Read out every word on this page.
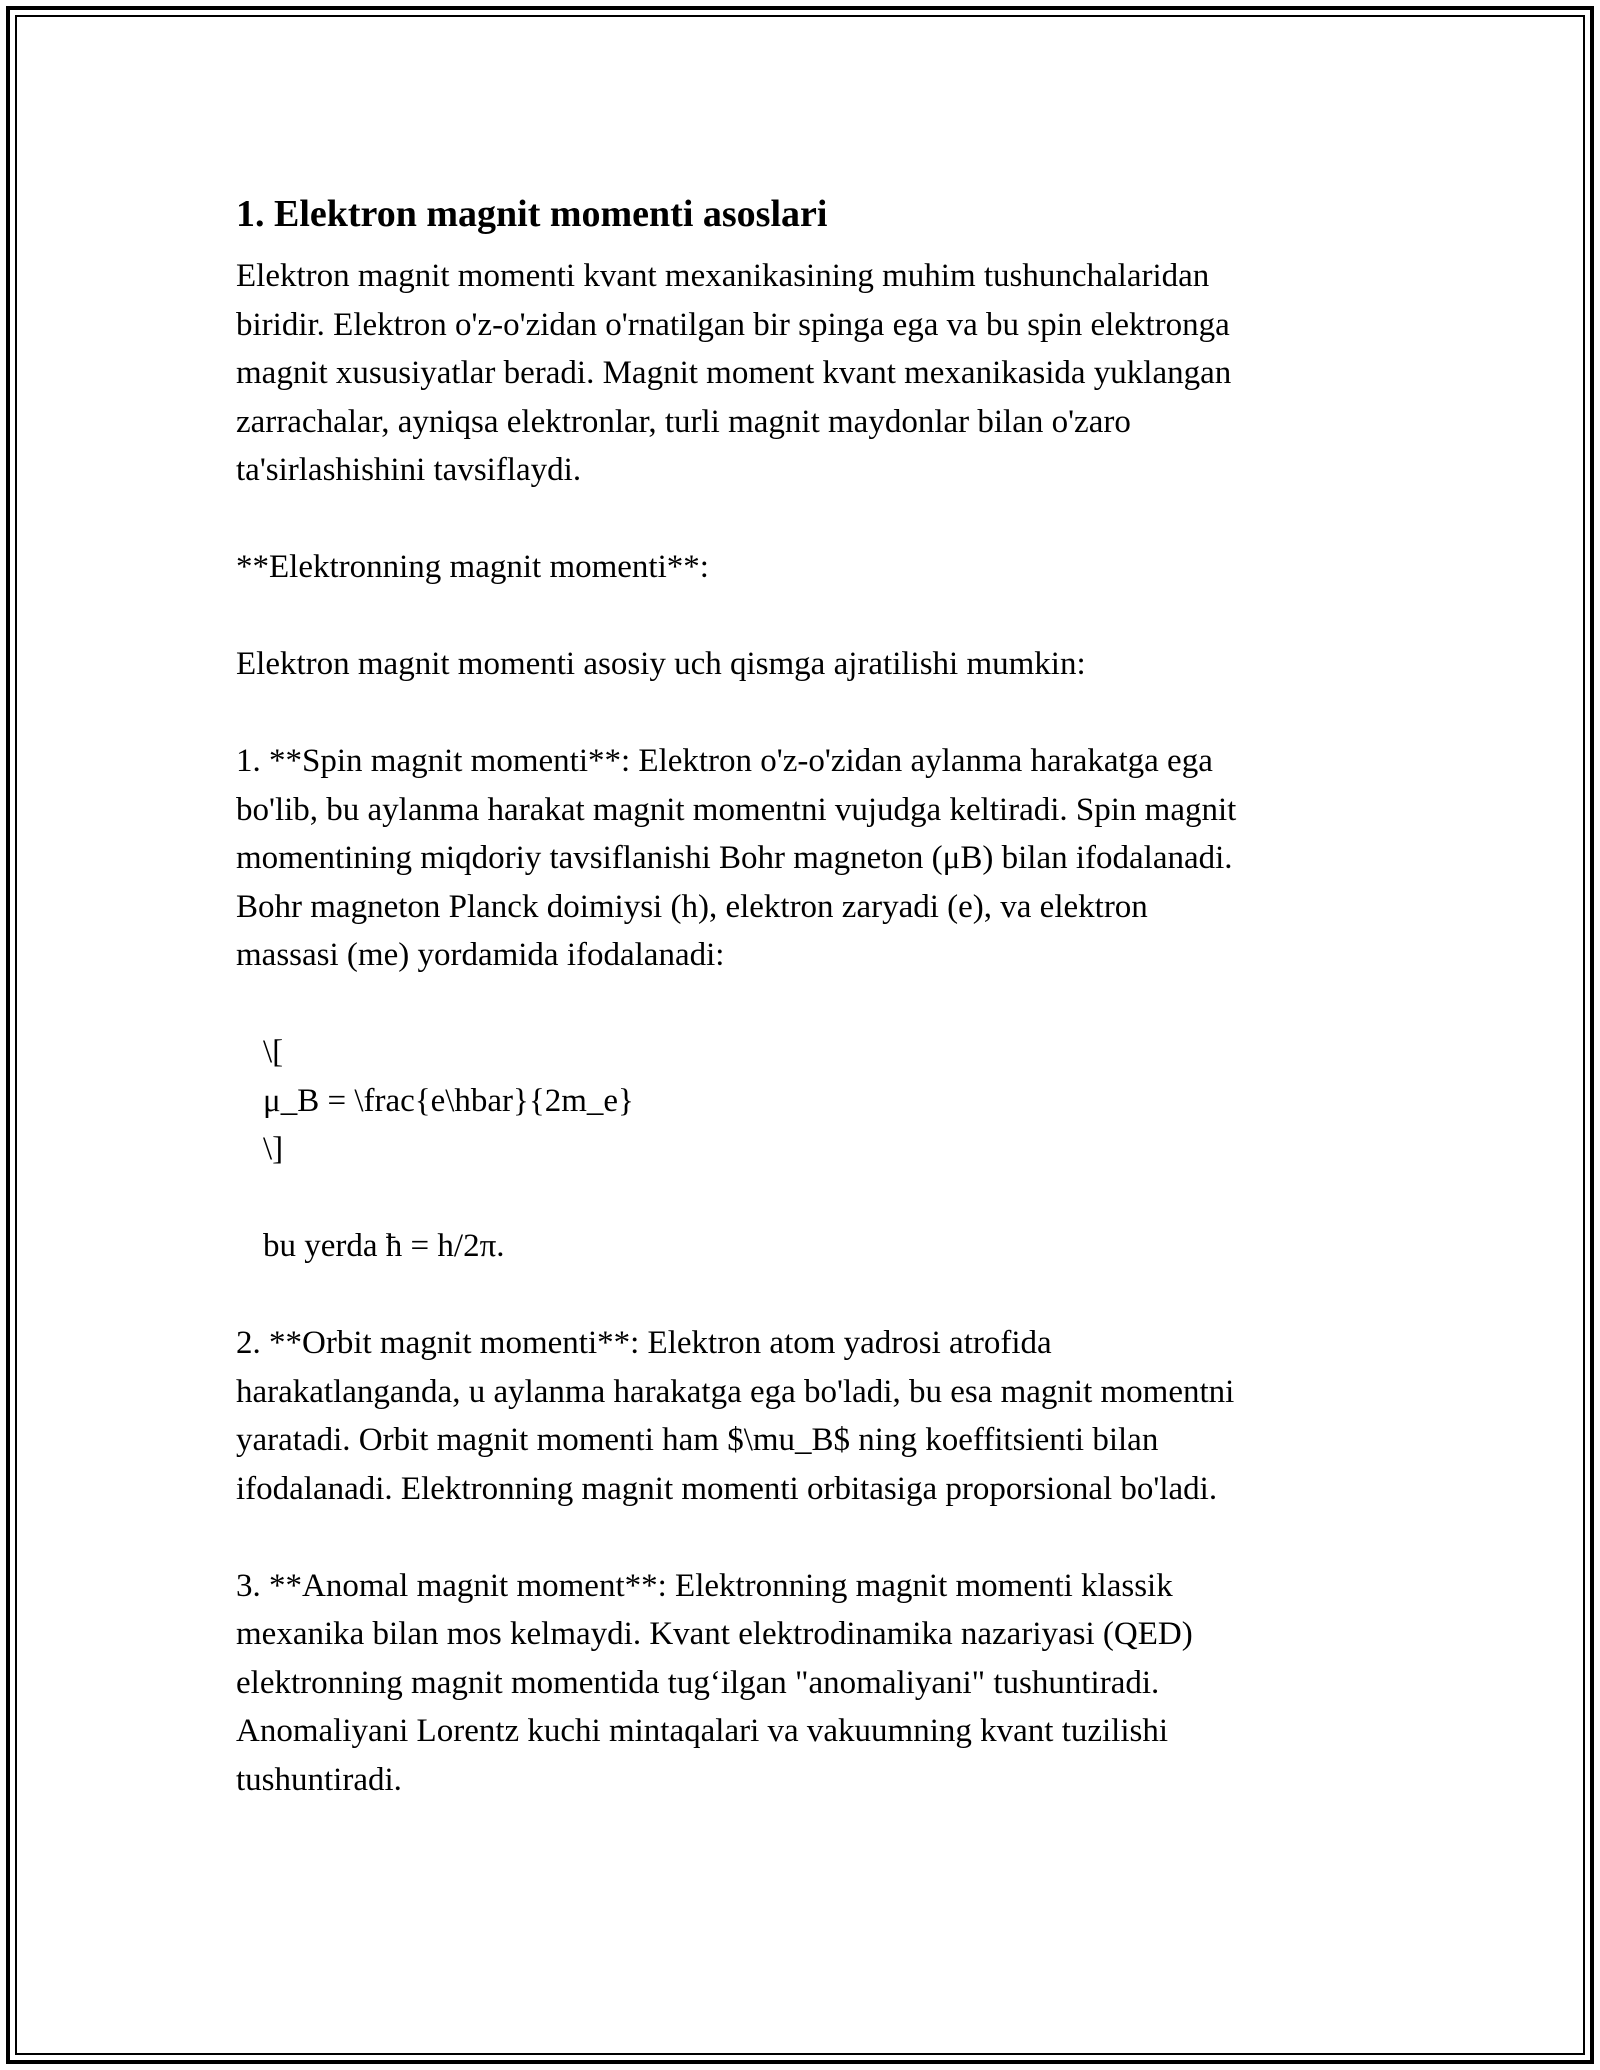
1. Elektron magnit momenti asoslari

Elektron magnit momenti kvant mexanikasining muhim tushunchalaridan
biridir. Elektron o'z-o'zidan o'rnatilgan bir spinga ega va bu spin elektronga
magnit xususiyatlar beradi. Magnit moment kvant mexanikasida yuklangan
zarrachalar, ayniqsa elektronlar, turli magnit maydonlar bilan o'zaro
ta'sirlashishini tavsiflaydi.

**Elektronning magnit momenti**:

Elektron magnit momenti asosiy uch qismga ajratilishi mumkin:

1. **Spin magnit momenti**: Elektron o'z-o'zidan aylanma harakatga ega
bo'lib, bu aylanma harakat magnit momentni vujudga keltiradi. Spin magnit
momentining miqdoriy tavsiflanishi Bohr magneton (μB) bilan ifodalanadi.
Bohr magneton Planck doimiysi (h), elektron zaryadi (e), va elektron
massasi (me) yordamida ifodalanadi:

\[
μ_B = \frac{e\hbar}{2m_e}
\]

bu yerda ħ = h/2π.

2. **Orbit magnit momenti**: Elektron atom yadrosi atrofida
harakatlanganda, u aylanma harakatga ega bo'ladi, bu esa magnit momentni
yaratadi. Orbit magnit momenti ham $\mu_B$ ning koeffitsienti bilan
ifodalanadi. Elektronning magnit momenti orbitasiga proporsional bo'ladi.

3. **Anomal magnit moment**: Elektronning magnit momenti klassik
mexanika bilan mos kelmaydi. Kvant elektrodinamika nazariyasi (QED)
elektronning magnit momentida tug‘ilgan "anomaliyani" tushuntiradi.
Anomaliyani Lorentz kuchi mintaqalari va vakuumning kvant tuzilishi
tushuntiradi.
